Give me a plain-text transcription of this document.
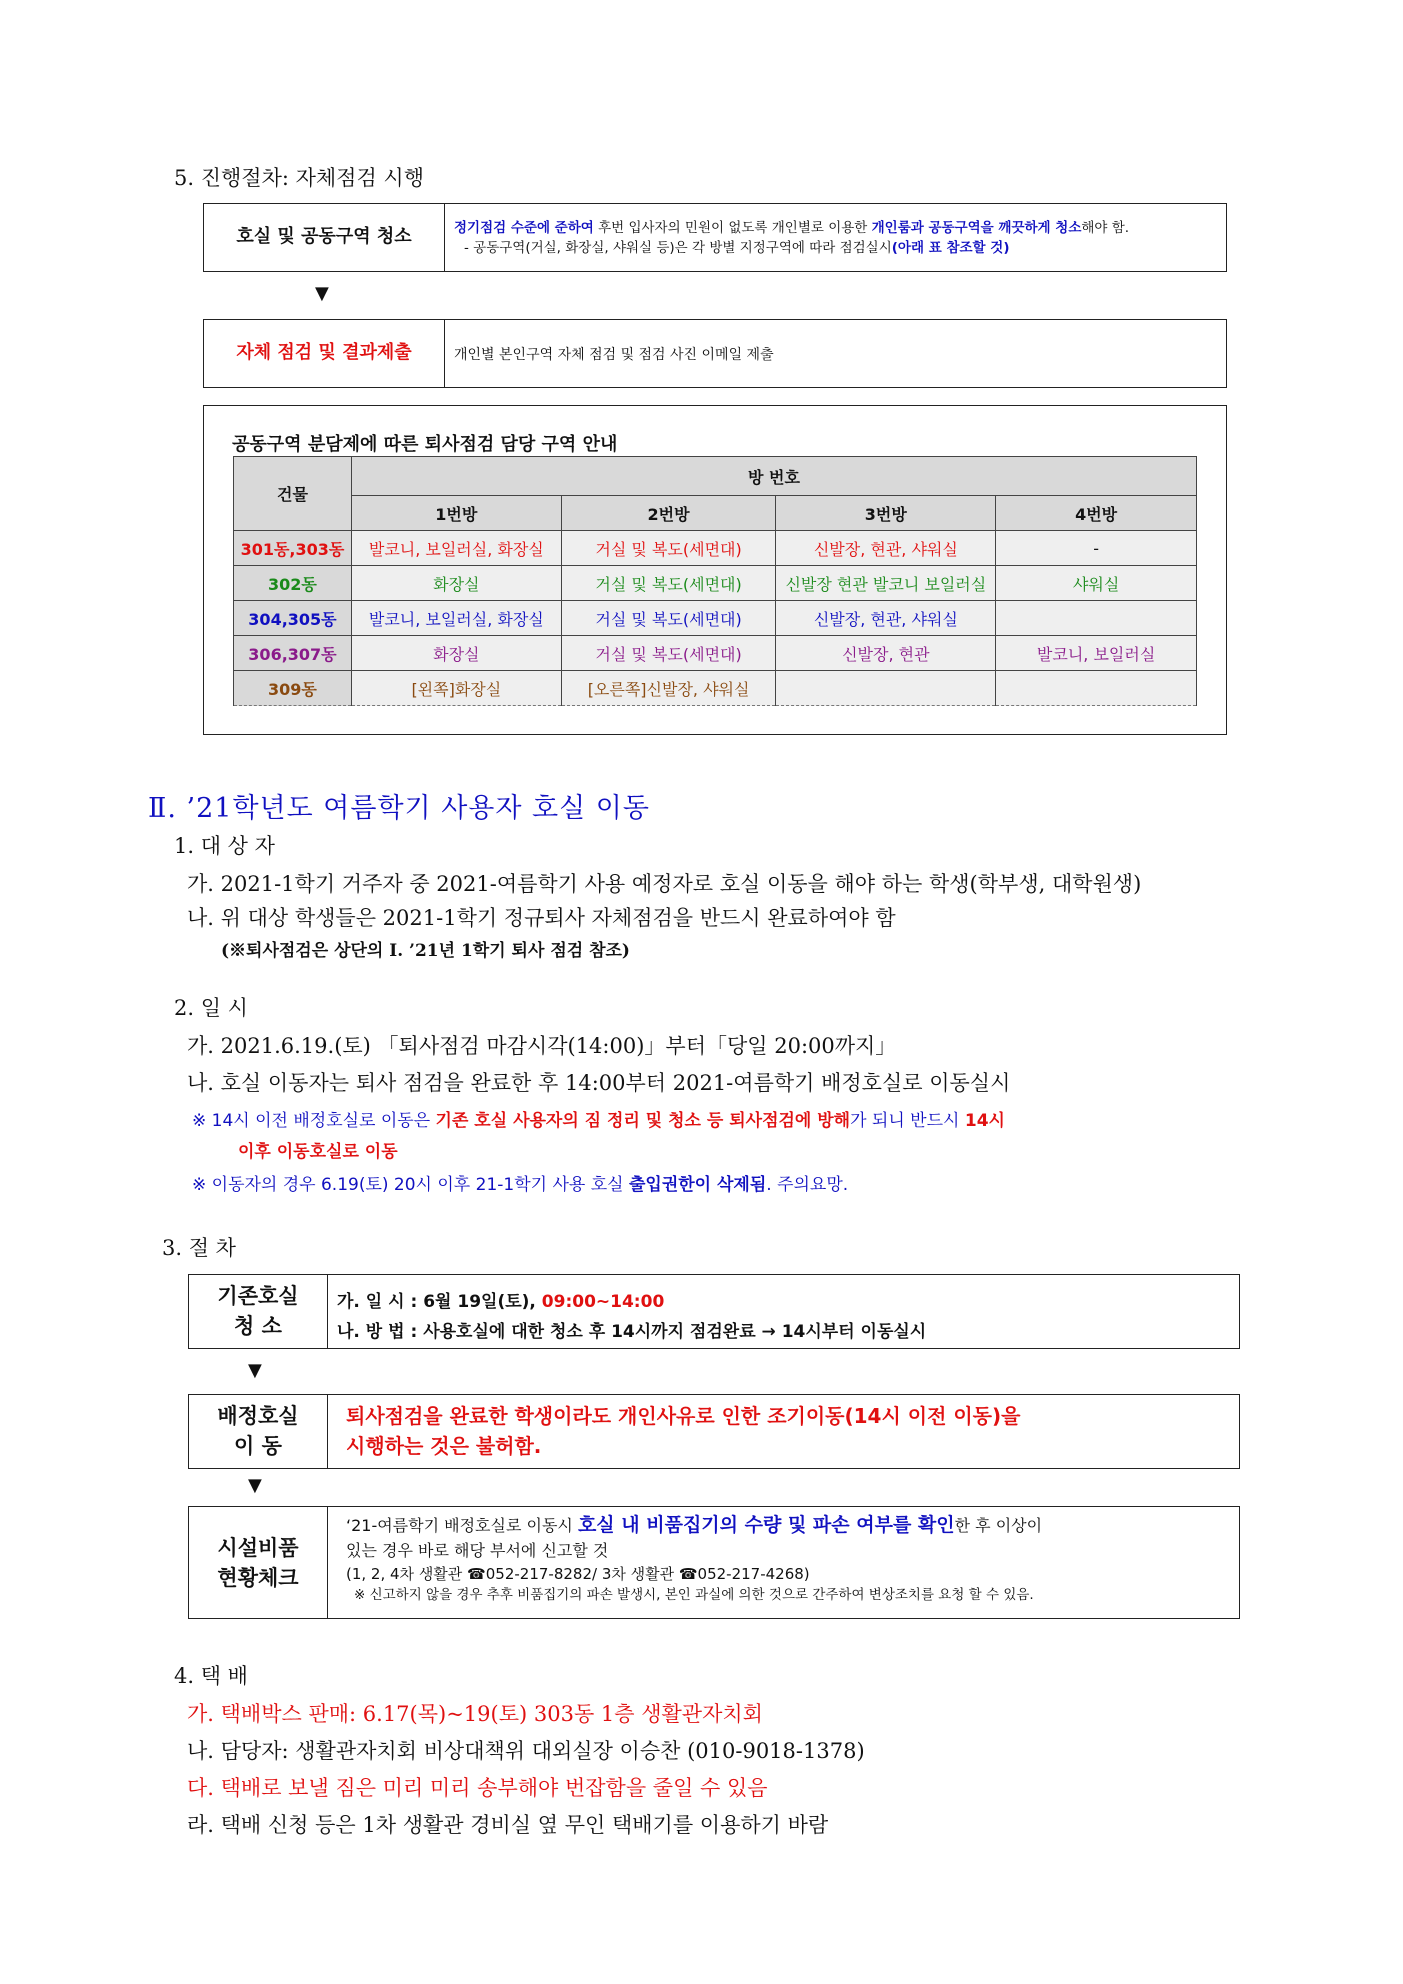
5. 진행절차: 자체점검 시행
호실 및 공동구역 청소	정기점검 수준에 준하여 후번 입사자의 민원이 없도록 개인별로 이용한 개인룸과 공동구역을 깨끗하게 청소해야 함.
- 공동구역(거실, 화장실, 샤워실 등)은 각 방별 지정구역에 따라 점검실시(아래 표 참조할 것)
▼
자체 점검 및 결과제출	개인별 본인구역 자체 점검 및 점검 사진 이메일 제출
공동구역 분담제에 따른 퇴사점검 담당 구역 안내
건물	방 번호			
	1번방	2번방	3번방	4번방
301동,303동	발코니, 보일러실, 화장실	거실 및 복도(세면대)	신발장, 현관, 샤워실	-
302동	화장실	거실 및 복도(세면대)	신발장 현관 발코니 보일러실	샤워실
304,305동	발코니, 보일러실, 화장실	거실 및 복도(세면대)	신발장, 현관, 샤워실	
306,307동	화장실	거실 및 복도(세면대)	신발장, 현관	발코니, 보일러실
309동	[왼쪽]화장실	[오른쪽]신발장, 샤워실		
Ⅱ. ’21학년도 여름학기 사용자 호실 이동
1. 대 상 자
가. 2021-1학기 거주자 중 2021-여름학기 사용 예정자로 호실 이동을 해야 하는 학생(학부생, 대학원생)
나. 위 대상 학생들은 2021-1학기 정규퇴사 자체점검을 반드시 완료하여야 함
(※퇴사점검은 상단의 Ⅰ. ’21년 1학기 퇴사 점검 참조)
2. 일 시
가. 2021.6.19.(토) 「퇴사점검 마감시각(14:00)」부터「당일 20:00까지」
나. 호실 이동자는 퇴사 점검을 완료한 후 14:00부터 2021-여름학기 배정호실로 이동실시
※ 14시 이전 배정호실로 이동은 기존 호실 사용자의 짐 정리 및 청소 등 퇴사점검에 방해가 되니 반드시 14시
이후 이동호실로 이동
※ 이동자의 경우 6.19(토) 20시 이후 21-1학기 사용 호실 출입권한이 삭제됨. 주의요망.
3. 절 차
기존호실
청 소
가. 일 시 : 6월 19일(토), 09:00~14:00
나. 방 법 : 사용호실에 대한 청소 후 14시까지 점검완료 → 14시부터 이동실시
▼
배정호실
이 동
퇴사점검을 완료한 학생이라도 개인사유로 인한 조기이동(14시 이전 이동)을
시행하는 것은 불허함.
▼
시설비품
현황체크
‘21-여름학기 배정호실로 이동시 호실 내 비품집기의 수량 및 파손 여부를 확인한 후 이상이
있는 경우 바로 해당 부서에 신고할 것
(1, 2, 4차 생활관 ☎052-217-8282/ 3차 생활관 ☎052-217-4268)
※ 신고하지 않을 경우 추후 비품집기의 파손 발생시, 본인 과실에 의한 것으로 간주하여 변상조치를 요청 할 수 있음.
4. 택 배
가. 택배박스 판매: 6.17(목)~19(토) 303동 1층 생활관자치회
나. 담당자: 생활관자치회 비상대책위 대외실장 이승찬 (010-9018-1378)
다. 택배로 보낼 짐은 미리 미리 송부해야 번잡함을 줄일 수 있음
라. 택배 신청 등은 1차 생활관 경비실 옆 무인 택배기를 이용하기 바람
